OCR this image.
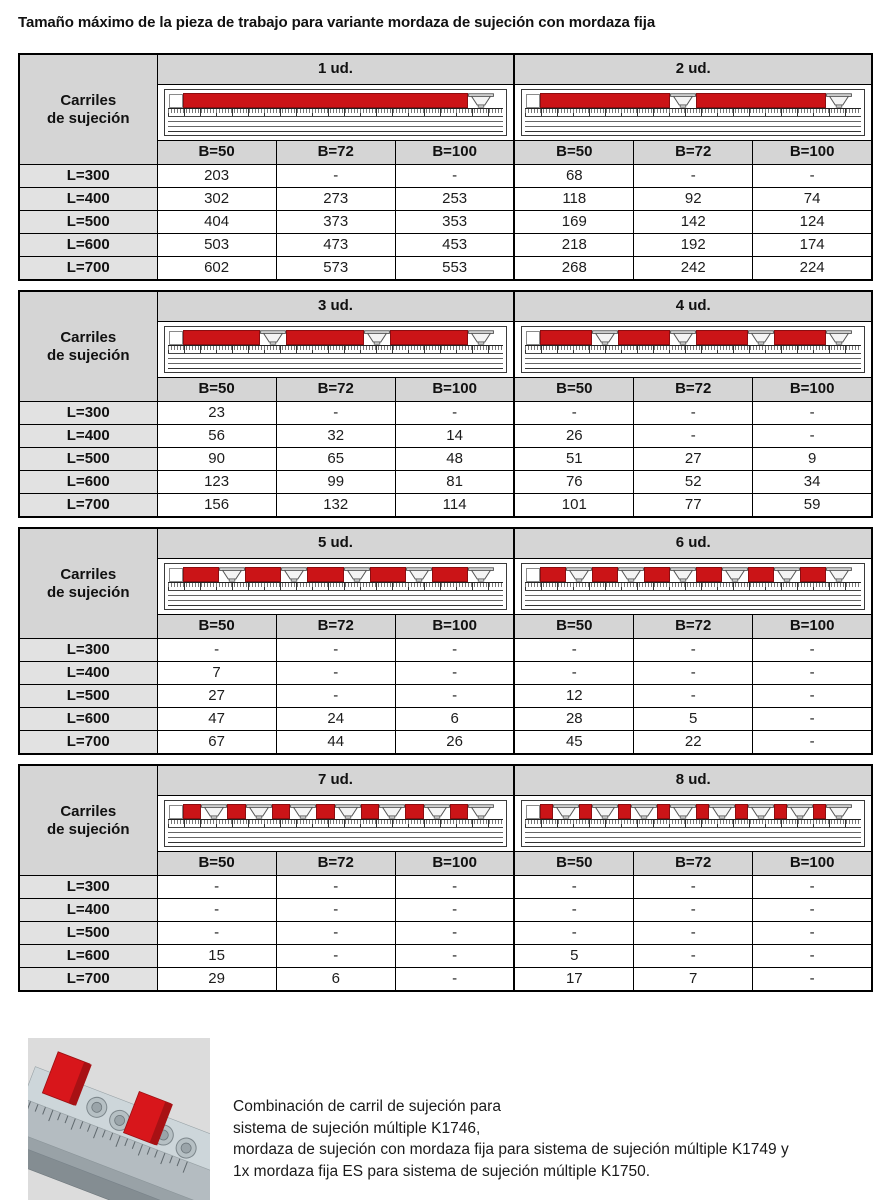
Tamaño máximo de la pieza de trabajo para variante mordaza de sujeción con mordaza fija
Carriles
de sujeción	1 ud.			2 ud.		

	B=50	B=72	B=100	B=50	B=72	B=100
L=300	203	-	-	68	-	-
L=400	302	273	253	118	92	74
L=500	404	373	353	169	142	124
L=600	503	473	453	218	192	174
L=700	602	573	553	268	242	224
Carriles
de sujeción	3 ud.			4 ud.		

	B=50	B=72	B=100	B=50	B=72	B=100
L=300	23	-	-	-	-	-
L=400	56	32	14	26	-	-
L=500	90	65	48	51	27	9
L=600	123	99	81	76	52	34
L=700	156	132	114	101	77	59
Carriles
de sujeción	5 ud.			6 ud.		

	B=50	B=72	B=100	B=50	B=72	B=100
L=300	-	-	-	-	-	-
L=400	7	-	-	-	-	-
L=500	27	-	-	12	-	-
L=600	47	24	6	28	5	-
L=700	67	44	26	45	22	-
Carriles
de sujeción	7 ud.			8 ud.		

	B=50	B=72	B=100	B=50	B=72	B=100
L=300	-	-	-	-	-	-
L=400	-	-	-	-	-	-
L=500	-	-	-	-	-	-
L=600	15	-	-	5	-	-
L=700	29	6	-	17	7	-
Combinación de carril de sujeción para
sistema de sujeción múltiple K1746,
mordaza de sujeción con mordaza fija para sistema de sujeción múltiple K1749 y
1x mordaza fija ES para sistema de sujeción múltiple K1750.
